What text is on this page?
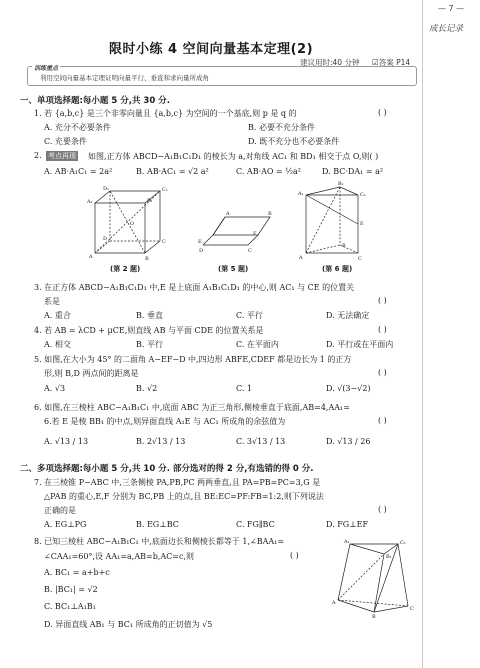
— 7 —
成长记录
限时小练 4 空间向量基本定理(2)
建议用时:40 分钟 ☑答案 P14
训练重点
利用空间向量基本定理证明向量平行、垂直和求向量所成角
一、单项选择题:每小题 5 分,共 30 分.
1. 若 {a,b,c} 是三个非零向量且 {a,b,c} 为空间的一个基底,则 p 是 q 的	( )
A. 充分不必要条件	B. 必要不充分条件
C. 充要条件	D. 既不充分也不必要条件
2. 考点再现 如图,正方体 ABCD−A₁B₁C₁D₁ 的棱长为 a,对角线 AC₁ 和 BD₁ 相交于点 O,则( )
A. AB·A₁C₁ = 2a²	B. AB·AC₁ = √2 a²	C. AB·AO = ½a²	D. BC·DA₁ = a²
A₁	B₁
C₁
D₁
A	B
C
D
O
(第 2 题)
E
F
A	B
D	C
(第 5 题)
A₁	C₁
B₁
E
A	C
B
(第 6 题)
3. 在正方体 ABCD−A₁B₁C₁D₁ 中,E 是上底面 A₁B₁C₁D₁ 的中心,则 AC₁ 与 CE 的位置关
系是	( )
A. 重合	B. 垂直	C. 平行	D. 无法确定
4. 若 AB = λCD + μCE,则直线 AB 与平面 CDE 的位置关系是	( )
A. 相交	B. 平行	C. 在平面内	D. 平行或在平面内
5. 如图,在大小为 45° 的二面角 A−EF−D 中,四边形 ABFE,CDEF 都是边长为 1 的正方
形,则 B,D 两点间的距离是	( )
A. √3	B. √2	C. 1	D. √(3−√2)
6. 如图,在三棱柱 ABC−A₁B₁C₁ 中,底面 ABC 为正三角形,侧棱垂直于底面,AB=4,AA₁=
6.若 E 是棱 BB₁ 的中点,则异面直线 A₁E 与 AC₁ 所成角的余弦值为	( )
A. √13 / 13	B. 2√13 / 13	C. 3√13 / 13	D. √13 / 26
二、多项选择题:每小题 5 分,共 10 分. 部分选对的得 2 分,有选错的得 0 分.
7. 在三棱锥 P−ABC 中,三条侧棱 PA,PB,PC 两两垂直,且 PA=PB=PC=3,G 是
△PAB 的重心,E,F 分别为 BC,PB 上的点,且 BE:EC=PF:FB=1:2,则下列说法
正确的是	( )
A. EG⊥PG	B. EG⊥BC	C. FG∥BC	D. FG⊥EF
8. 已知三棱柱 ABC−A₁B₁C₁ 中,底面边长和侧棱长都等于 1,∠BAA₁=
∠CAA₁=60°,设 AA₁=a,AB=b,AC=c,则	( )
A. BC₁ = a+b+c
B. |BC₁| = √2
C. BC₁⊥A₁B₁
D. 异面直线 AB₁ 与 BC₁ 所成角的正切值为 √5
A₁	C₁
B₁
A
B
C
